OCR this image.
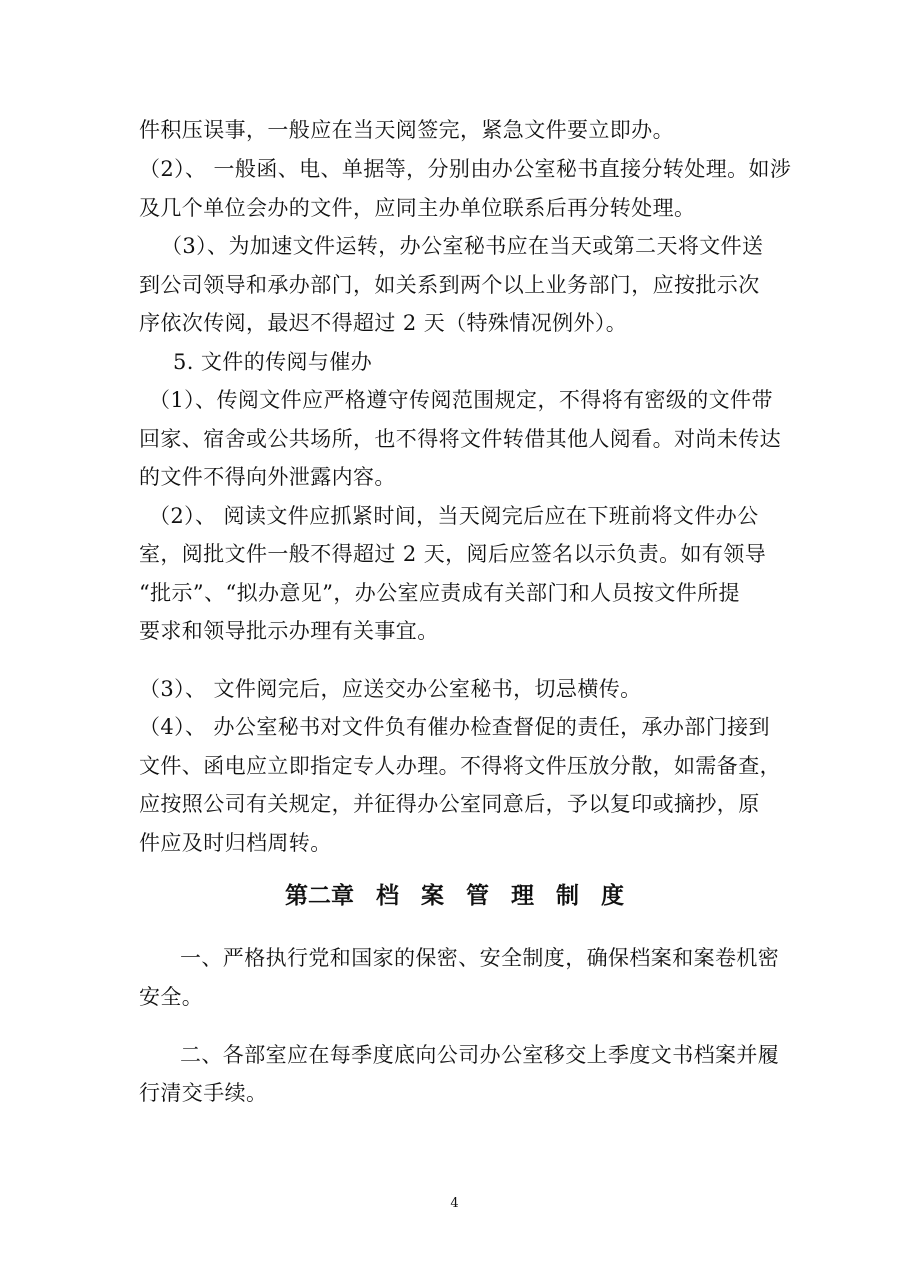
件积压误事，一般应在当天阅签完，紧急文件要立即办。
（2）、 一般函、电、单据等，分别由办公室秘书直接分转处理。如涉
及几个单位会办的文件，应同主办单位联系后再分转处理。
（3）、为加速文件运转，办公室秘书应在当天或第二天将文件送
到公司领导和承办部门，如关系到两个以上业务部门，应按批示次
序依次传阅，最迟不得超过 2 天（特殊情况例外）。
5. 文件的传阅与催办
（1）、传阅文件应严格遵守传阅范围规定，不得将有密级的文件带
回家、宿舍或公共场所，也不得将文件转借其他人阅看。对尚未传达
的文件不得向外泄露内容。
（2）、 阅读文件应抓紧时间，当天阅完后应在下班前将文件办公
室，阅批文件一般不得超过 2 天，阅后应签名以示负责。如有领导
“批示”、“拟办意见”，办公室应责成有关部门和人员按文件所提
要求和领导批示办理有关事宜。
（3）、 文件阅完后，应送交办公室秘书，切忌横传。
（4）、 办公室秘书对文件负有催办检查督促的责任，承办部门接到
文件、函电应立即指定专人办理。不得将文件压放分散，如需备查，
应按照公司有关规定，并征得办公室同意后，予以复印或摘抄，原
件应及时归档周转。
第二章 档 案 管 理 制 度
一、严格执行党和国家的保密、安全制度，确保档案和案卷机密
安全。
二、各部室应在每季度底向公司办公室移交上季度文书档案并履
行清交手续。
4
